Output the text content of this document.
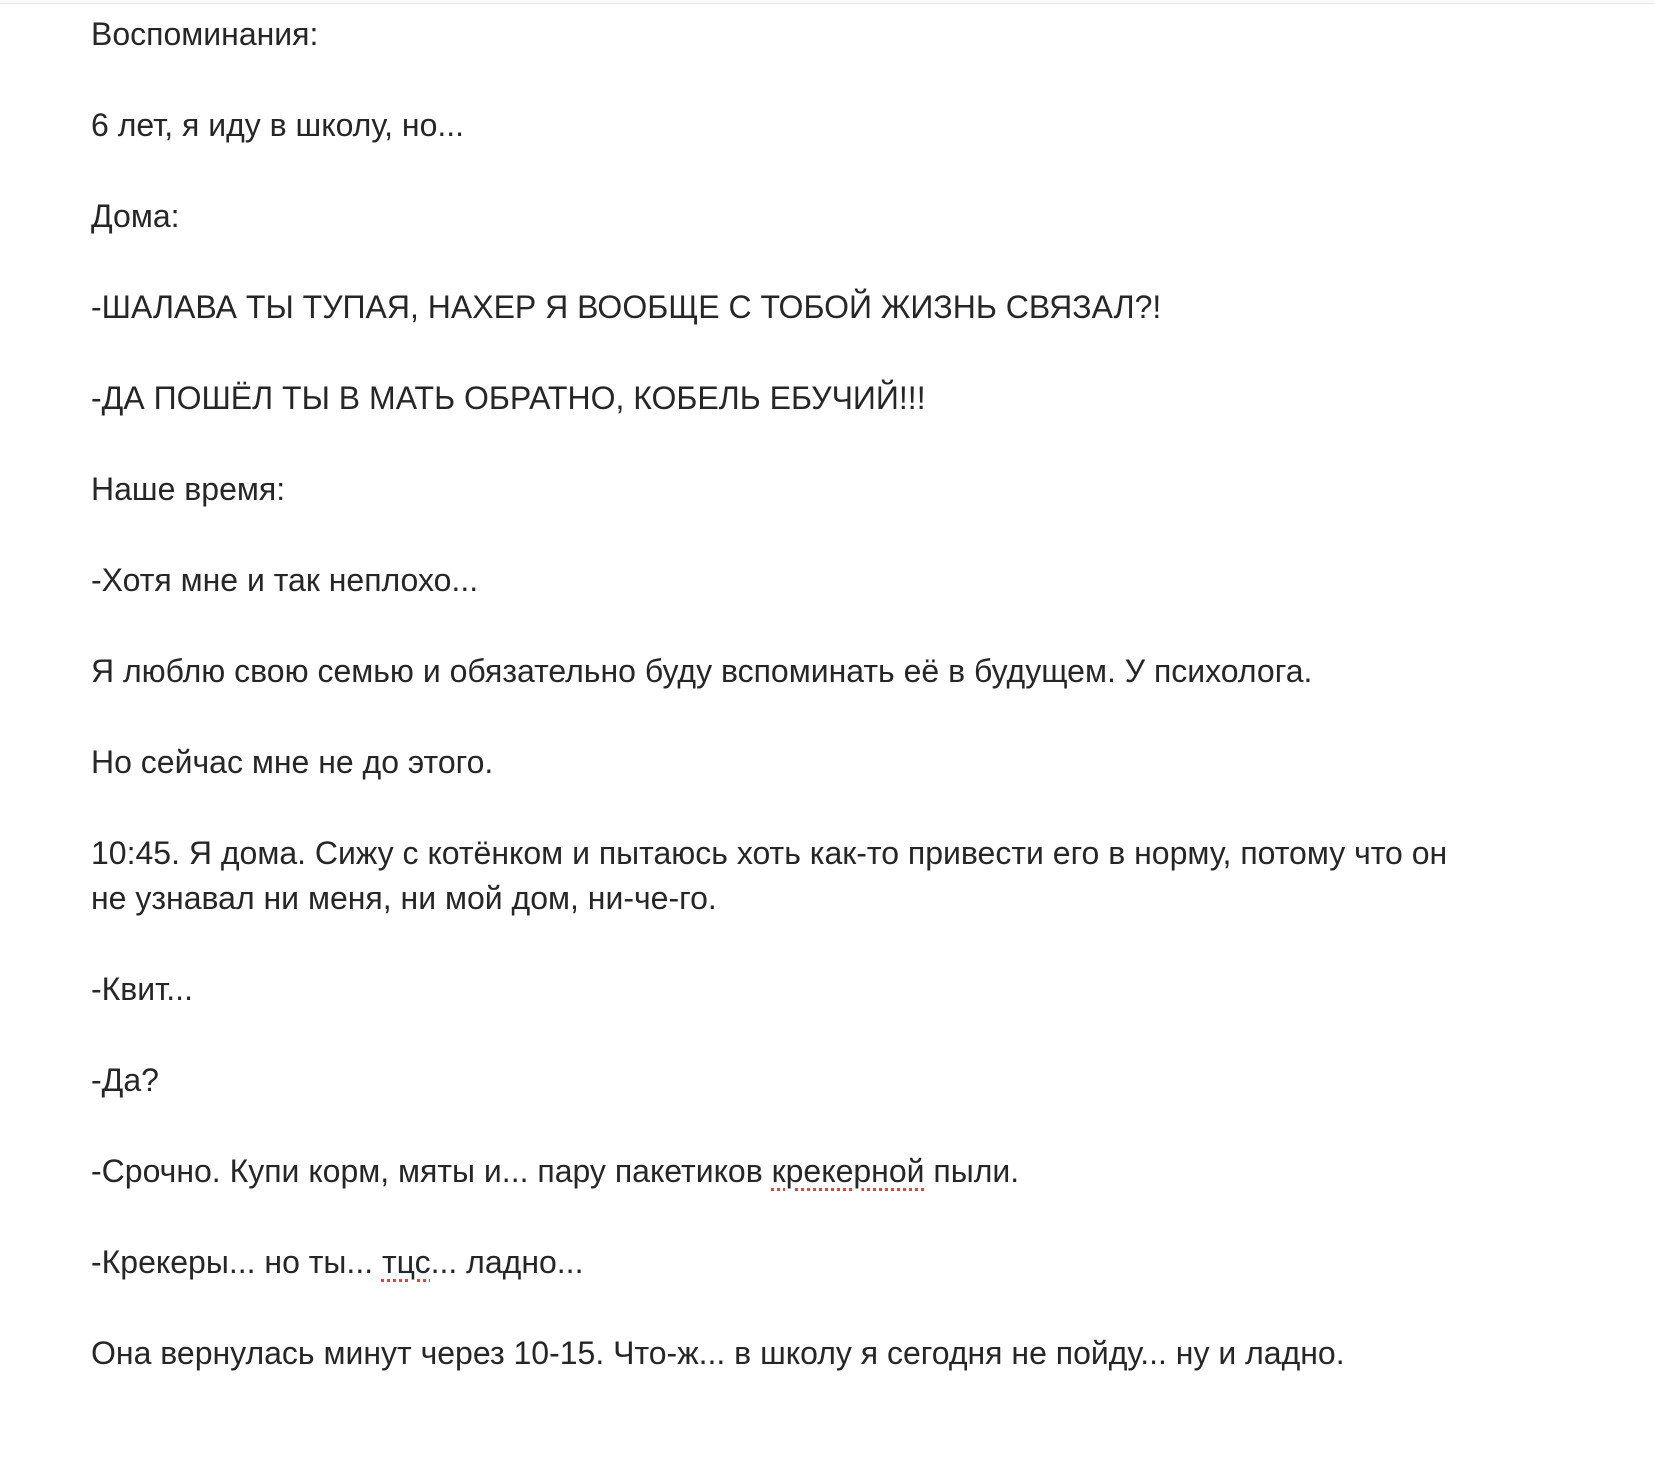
Воспоминания:

6 лет, я иду в школу, но...

Дома:

-ШАЛАВА ТЫ ТУПАЯ, НАХЕР Я ВООБЩЕ С ТОБОЙ ЖИЗНЬ СВЯЗАЛ?!

-ДА ПОШЁЛ ТЫ В МАТЬ ОБРАТНО, КОБЕЛЬ ЕБУЧИЙ!!!

Наше время:

-Хотя мне и так неплохо...

Я люблю свою семью и обязательно буду вспоминать её в будущем. У психолога.

Но сейчас мне не до этого.

10:45. Я дома. Сижу с котёнком и пытаюсь хоть как-то привести его в норму, потому что он

не узнавал ни меня, ни мой дом, ни-че-го.

-Квит...

-Да?

-Срочно. Купи корм, мяты и... пару пакетиков крекерной пыли.

-Крекеры... но ты... тцс... ладно...

Она вернулась минут через 10-15. Что-ж... в школу я сегодня не пойду... ну и ладно.
